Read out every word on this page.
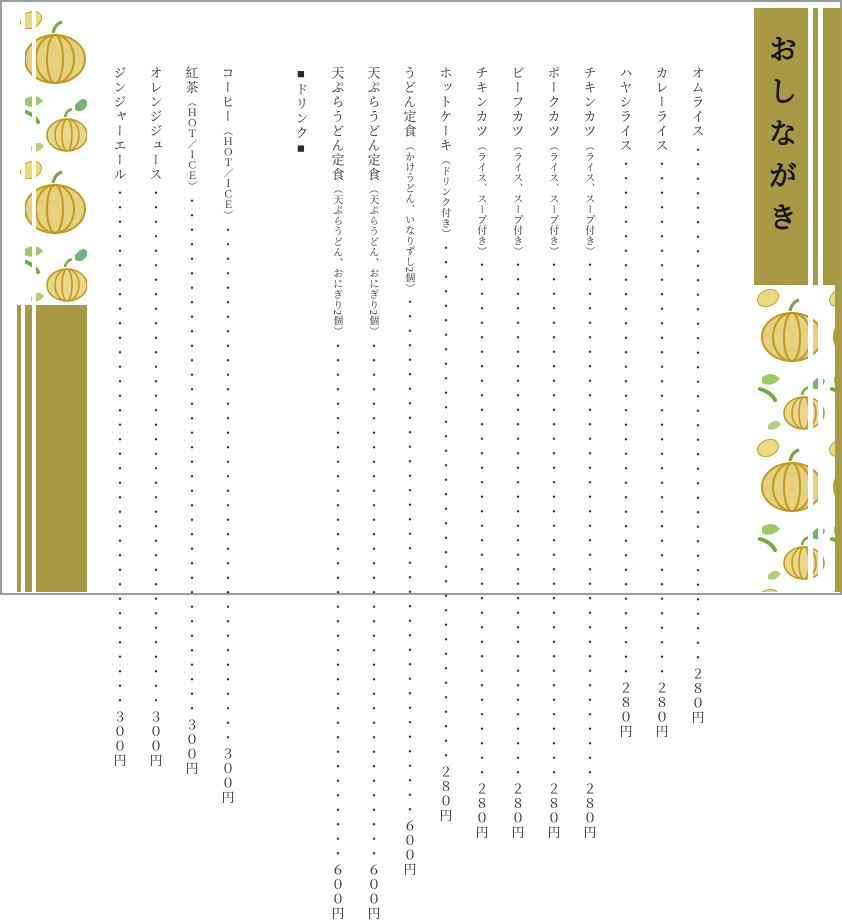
おしながき
オムライス
・・・・・・・・・・・・・・・・・・・・・・・・・・・・・・・・・・・・
２８０円
カレーライス
・・・・・・・・・・・・・・・・・・・・・・・・・・・・・・・・・・・・
２８０円
ハヤシライス
・・・・・・・・・・・・・・・・・・・・・・・・・・・・・・・・・・・・
２８０円
チキンカツ
（ライス、スープ付き）
・・・・・・・・・・・・・・・・・・・・・・・・・・・・・・・・・・・・
２８０円
ポークカツ
（ライス、スープ付き）
・・・・・・・・・・・・・・・・・・・・・・・・・・・・・・・・・・・・
２８０円
ビーフカツ
（ライス、スープ付き）
・・・・・・・・・・・・・・・・・・・・・・・・・・・・・・・・・・・・
２８０円
チキンカツ
（ライス、スープ付き）
・・・・・・・・・・・・・・・・・・・・・・・・・・・・・・・・・・・・
２８０円
ホットケーキ
（ドリンク付き）
・・・・・・・・・・・・・・・・・・・・・・・・・・・・・・・・・・・・
２８０円
うどん定食
（かけうどん、いなりずし2個）
・・・・・・・・・・・・・・・・・・・・・・・・・・・・・・・・・・・・
６００円
天ぷらうどん定食
（天ぷらうどん、おにぎり2個）
・・・・・・・・・・・・・・・・・・・・・・・・・・・・・・・・・・・・
６００円
天ぷらうどん定食
（天ぷらうどん、おにぎり2個）
・・・・・・・・・・・・・・・・・・・・・・・・・・・・・・・・・・・・
６００円
■ドリンク■
コーヒー
（ＨＯＴ／ＩＣＥ）
・・・・・・・・・・・・・・・・・・・・・・・・・・・・・・・・・・・・
３００円
紅茶
（ＨＯＴ／ＩＣＥ）
・・・・・・・・・・・・・・・・・・・・・・・・・・・・・・・・・・・・
３００円
オレンジジュース
・・・・・・・・・・・・・・・・・・・・・・・・・・・・・・・・・・・・
３００円
ジンジャーエール
・・・・・・・・・・・・・・・・・・・・・・・・・・・・・・・・・・・・
３００円
